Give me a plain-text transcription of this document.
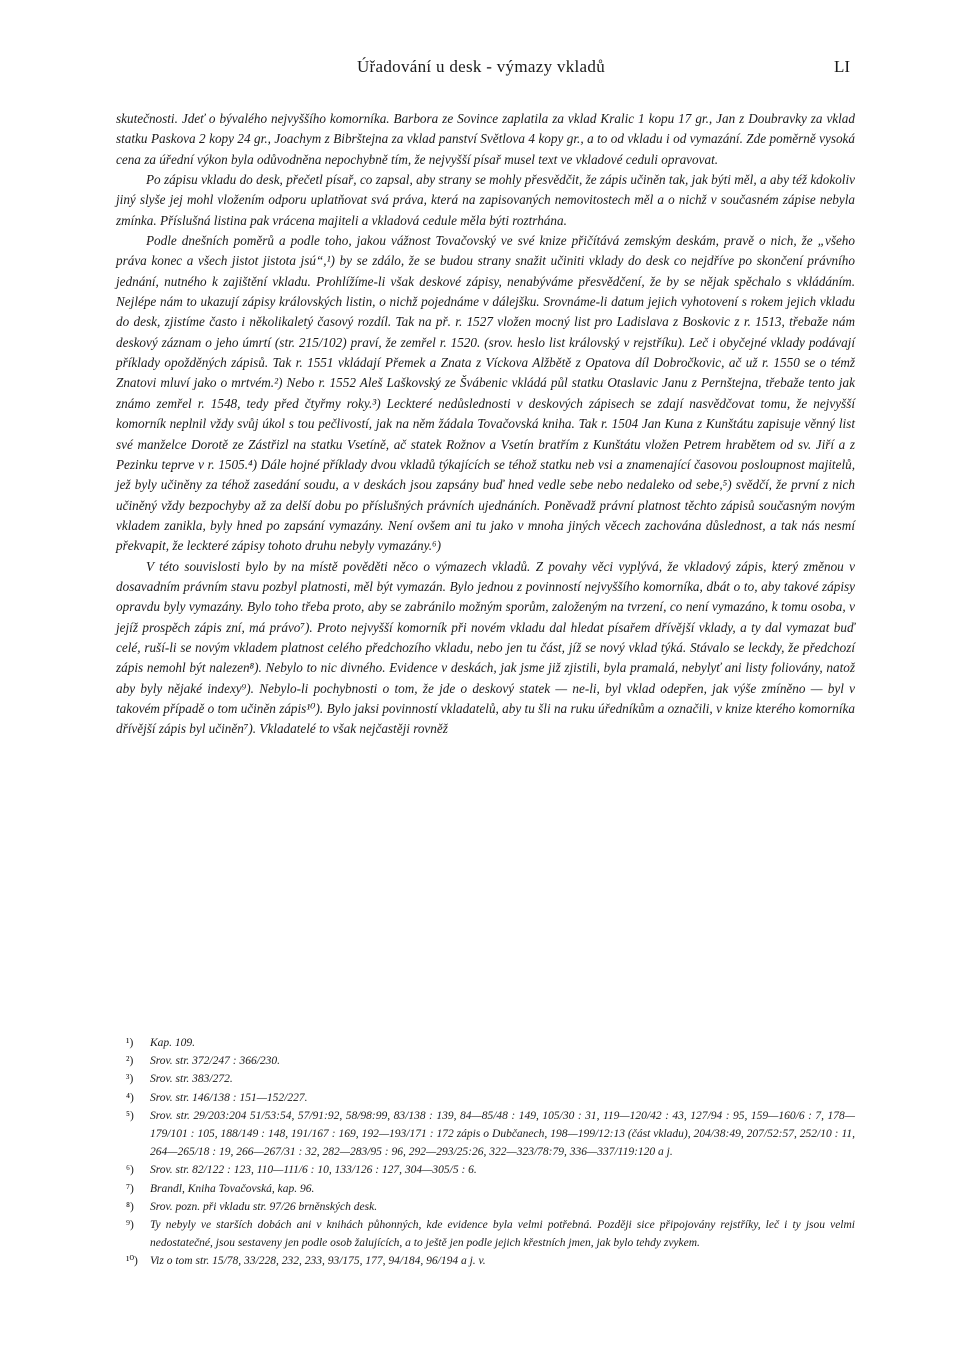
Úřadování u desk - výmazy vkladů	LI

skutečnosti. Jdeť o bývalého nejvyššího komorníka. Barbora ze Sovince zaplatila za vklad Kralic 1 kopu 17 gr., Jan z Doubravky za vklad statku Paskova 2 kopy 24 gr., Joachym z Bibrštejna za vklad panství Světlova 4 kopy gr., a to od vkladu i od vymazání. Zde poměrně vysoká cena za úřední výkon byla odůvodněna nepochybně tím, že nejvyšší písař musel text ve vkladové ceduli opravovat.

Po zápisu vkladu do desk, přečetl písař, co zapsal, aby strany se mohly přesvědčit, že zápis učiněn tak, jak býti měl, a aby též kdokoliv jiný slyše jej mohl vložením odporu uplatňovat svá práva, která na zapisovaných nemovitostech měl a o nichž v současném zápise nebyla zmínka. Příslušná listina pak vrácena majiteli a vkladová cedule měla býti roztrhána.

Podle dnešních poměrů a podle toho, jakou vážnost Tovačovský ve své knize přičítává zemským deskám, pravě o nich, že „všeho práva konec a všech jistot jistota jsú“,¹) by se zdálo, že se budou strany snažit učiniti vklady do desk co nejdříve po skončení právního jednání, nutného k zajištění vkladu. Prohlížíme-li však deskové zápisy, nenabýváme přesvědčení, že by se nějak spěchalo s vkládáním. Nejlépe nám to ukazují zápisy královských listin, o nichž pojednáme v dálejšku. Srovnáme-li datum jejich vyhotovení s rokem jejich vkladu do desk, zjistíme často i několikaletý časový rozdíl. Tak na př. r. 1527 vložen mocný list pro Ladislava z Boskovic z r. 1513, třebaže nám deskový záznam o jeho úmrtí (str. 215/102) praví, že zemřel r. 1520. (srov. heslo list královský v rejstříku). Leč i obyčejné vklady podávají příklady opožděných zápisů. Tak r. 1551 vkládají Přemek a Znata z Víckova Alžbětě z Opatova díl Dobročkovic, ač už r. 1550 se o témž Znatovi mluví jako o mrtvém.²) Nebo r. 1552 Aleš Laškovský ze Švábenic vkládá půl statku Otaslavic Janu z Pernštejna, třebaže tento jak známo zemřel r. 1548, tedy před čtyřmy roky.³) Leckteré nedůslednosti v deskových zápisech se zdají nasvědčovat tomu, že nejvyšší komorník neplnil vždy svůj úkol s tou pečlivostí, jak na něm žádala Tovačovská kniha. Tak r. 1504 Jan Kuna z Kunštátu zapisuje věnný list své manželce Dorotě ze Zástřizl na statku Vsetíně, ač statek Rožnov a Vsetín bratřím z Kunštátu vložen Petrem hrabětem od sv. Jiří a z Pezinku teprve v r. 1505.⁴) Dále hojné příklady dvou vkladů týkajících se téhož statku neb vsi a znamenající časovou posloupnost majitelů, jež byly učiněny za téhož zasedání soudu, a v deskách jsou zapsány buď hned vedle sebe nebo nedaleko od sebe,⁵) svědčí, že první z nich učiněný vždy bezpochyby až za delší dobu po příslušných právních ujednáních. Poněvadž právní platnost těchto zápisů současným novým vkladem zanikla, byly hned po zapsání vymazány. Není ovšem ani tu jako v mnoha jiných věcech zachována důslednost, a tak nás nesmí překvapit, že leckteré zápisy tohoto druhu nebyly vymazány.⁶)

V této souvislosti bylo by na místě pověděti něco o výmazech vkladů. Z povahy věci vyplývá, že vkladový zápis, který změnou v dosavadním právním stavu pozbyl platnosti, měl být vymazán. Bylo jednou z povinností nejvyššího komorníka, dbát o to, aby takové zápisy opravdu byly vymazány. Bylo toho třeba proto, aby se zabránilo možným sporům, založeným na tvrzení, co není vymazáno, k tomu osoba, v jejíž prospěch zápis zní, má právo⁷). Proto nejvyšší komorník při novém vkladu dal hledat písařem dřívější vklady, a ty dal vymazat buď celé, ruší-li se novým vkladem platnost celého předchozího vkladu, nebo jen tu část, jíž se nový vklad týká. Stávalo se leckdy, že předchozí zápis nemohl být nalezen⁸). Nebylo to nic divného. Evidence v deskách, jak jsme již zjistili, byla pramalá, nebylyť ani listy foliovány, natož aby byly nějaké indexy⁹). Nebylo-li pochybnosti o tom, že jde o deskový statek — ne-li, byl vklad odepřen, jak výše zmíněno — byl v takovém případě o tom učiněn zápis¹⁰). Bylo jaksi povinností vkladatelů, aby tu šli na ruku úředníkům a označili, v knize kterého komorníka dřívější zápis byl učiněn⁷). Vkladatelé to však nejčastěji rovněž

¹) Kap. 109.

²) Srov. str. 372/247 : 366/230.

³) Srov. str. 383/272.

⁴) Srov. str. 146/138 : 151—152/227.

⁵) Srov. str. 29/203:204 51/53:54, 57/91:92, 58/98:99, 83/138 : 139, 84—85/48 : 149, 105/30 : 31, 119—120/42 : 43, 127/94 : 95, 159—160/6 : 7, 178—179/101 : 105, 188/149 : 148, 191/167 : 169, 192—193/171 : 172 zápis o Dubčanech, 198—199/12:13 (část vkladu), 204/38:49, 207/52:57, 252/10 : 11, 264—265/18 : 19, 266—267/31 : 32, 282—283/95 : 96, 292—293/25:26, 322—323/78:79, 336—337/119:120 a j.

⁶) Srov. str. 82/122 : 123, 110—111/6 : 10, 133/126 : 127, 304—305/5 : 6.

⁷) Brandl, Kniha Tovačovská, kap. 96.

⁸) Srov. pozn. při vkladu str. 97/26 brněnských desk.

⁹) Ty nebyly ve starších dobách ani v knihách půhonných, kde evidence byla velmi potřebná. Později sice připojovány rejstříky, leč i ty jsou velmi nedostatečné, jsou sestaveny jen podle osob žalujících, a to ještě jen podle jejich křestních jmen, jak bylo tehdy zvykem.

¹⁰) Viz o tom str. 15/78, 33/228, 232, 233, 93/175, 177, 94/184, 96/194 a j. v.
